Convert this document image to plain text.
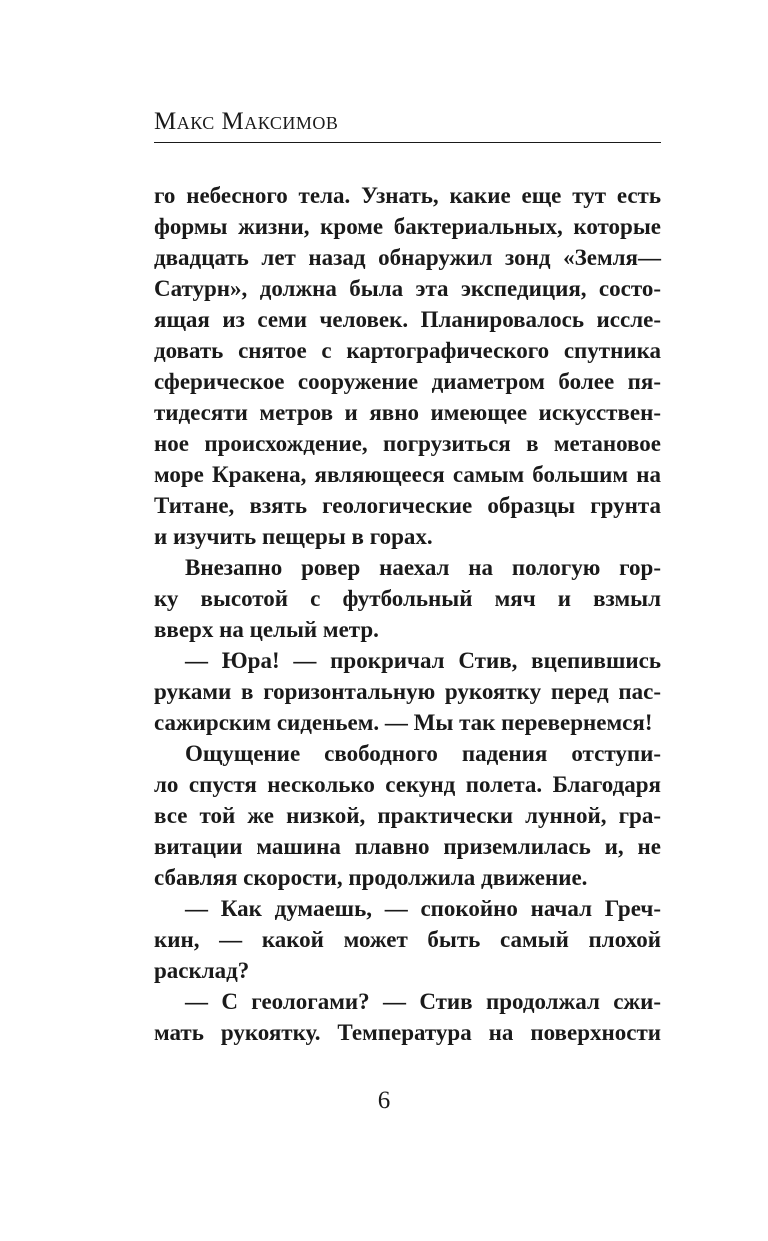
Макс Максимов
го небесного тела. Узнать, какие еще тут есть
формы жизни, кроме бактериальных, которые
двадцать лет назад обнаружил зонд «Земля—
Сатурн», должна была эта экспедиция, состо-
ящая из семи человек. Планировалось иссле-
довать снятое с картографического спутника
сферическое сооружение диаметром более пя-
тидесяти метров и явно имеющее искусствен-
ное происхождение, погрузиться в метановое
море Кракена, являющееся самым большим на
Титане, взять геологические образцы грунта
и изучить пещеры в горах.
Внезапно ровер наехал на пологую гор-
ку высотой с футбольный мяч и взмыл
вверх на целый метр.
— Юра! — прокричал Стив, вцепившись
руками в горизонтальную рукоятку перед пас-
сажирским сиденьем. — Мы так перевернемся!
Ощущение свободного падения отступи-
ло спустя несколько секунд полета. Благодаря
все той же низкой, практически лунной, гра-
витации машина плавно приземлилась и, не
сбавляя скорости, продолжила движение.
— Как думаешь, — спокойно начал Греч-
кин, — какой может быть самый плохой
расклад?
— С геологами? — Стив продолжал сжи-
мать рукоятку. Температура на поверхности
6
